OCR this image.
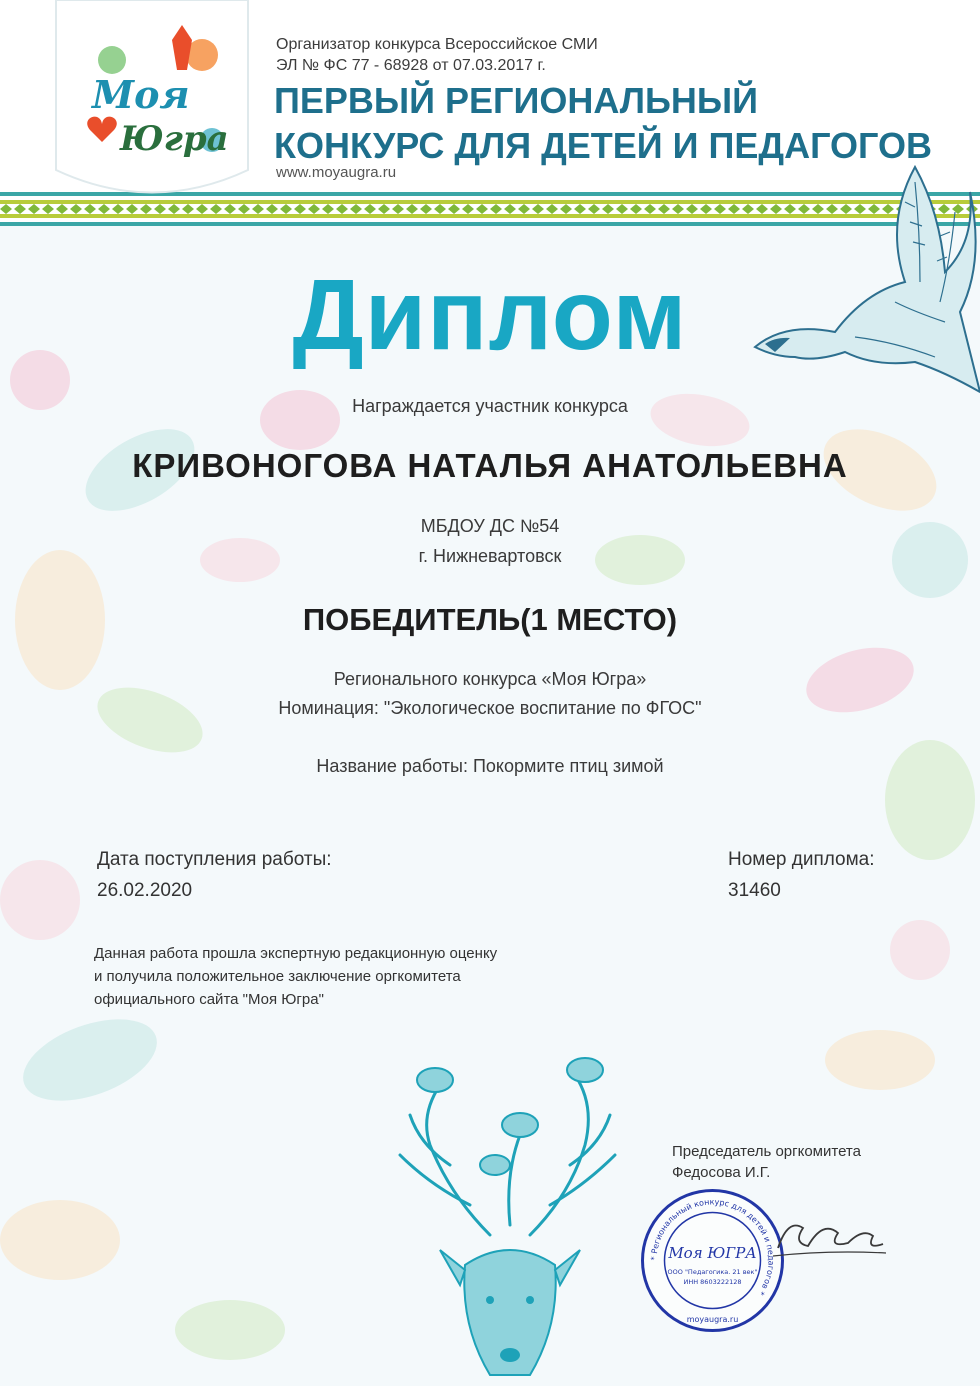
Моя
Югра
Организатор конкурса Всероссийское СМИ
ЭЛ № ФС 77 - 68928 от 07.03.2017 г.
ПЕРВЫЙ РЕГИОНАЛЬНЫЙ
КОНКУРС ДЛЯ ДЕТЕЙ И ПЕДАГОГОВ
www.moyaugra.ru
Диплом
Награждается участник конкурса
КРИВОНОГОВА НАТАЛЬЯ АНАТОЛЬЕВНА
МБДОУ ДС №54
г. Нижневартовск
ПОБЕДИТЕЛЬ(1 МЕСТО)
Регионального конкурса «Моя Югра»
Номинация: "Экологическое воспитание по ФГОС"
Название работы: Покормите птиц зимой
Дата поступления работы:
26.02.2020
Номер диплома:
31460
Данная работа прошла экспертную редакционную оценку
и получила положительное заключение оргкомитета
официального сайта "Моя Югра"
Председатель оргкомитета
Федосова И.Г.
* Региональный конкурс для детей и педагогов *
Моя ЮГРА
ООО "Педагогика. 21 век"
ИНН 8603222128
moyaugra.ru
